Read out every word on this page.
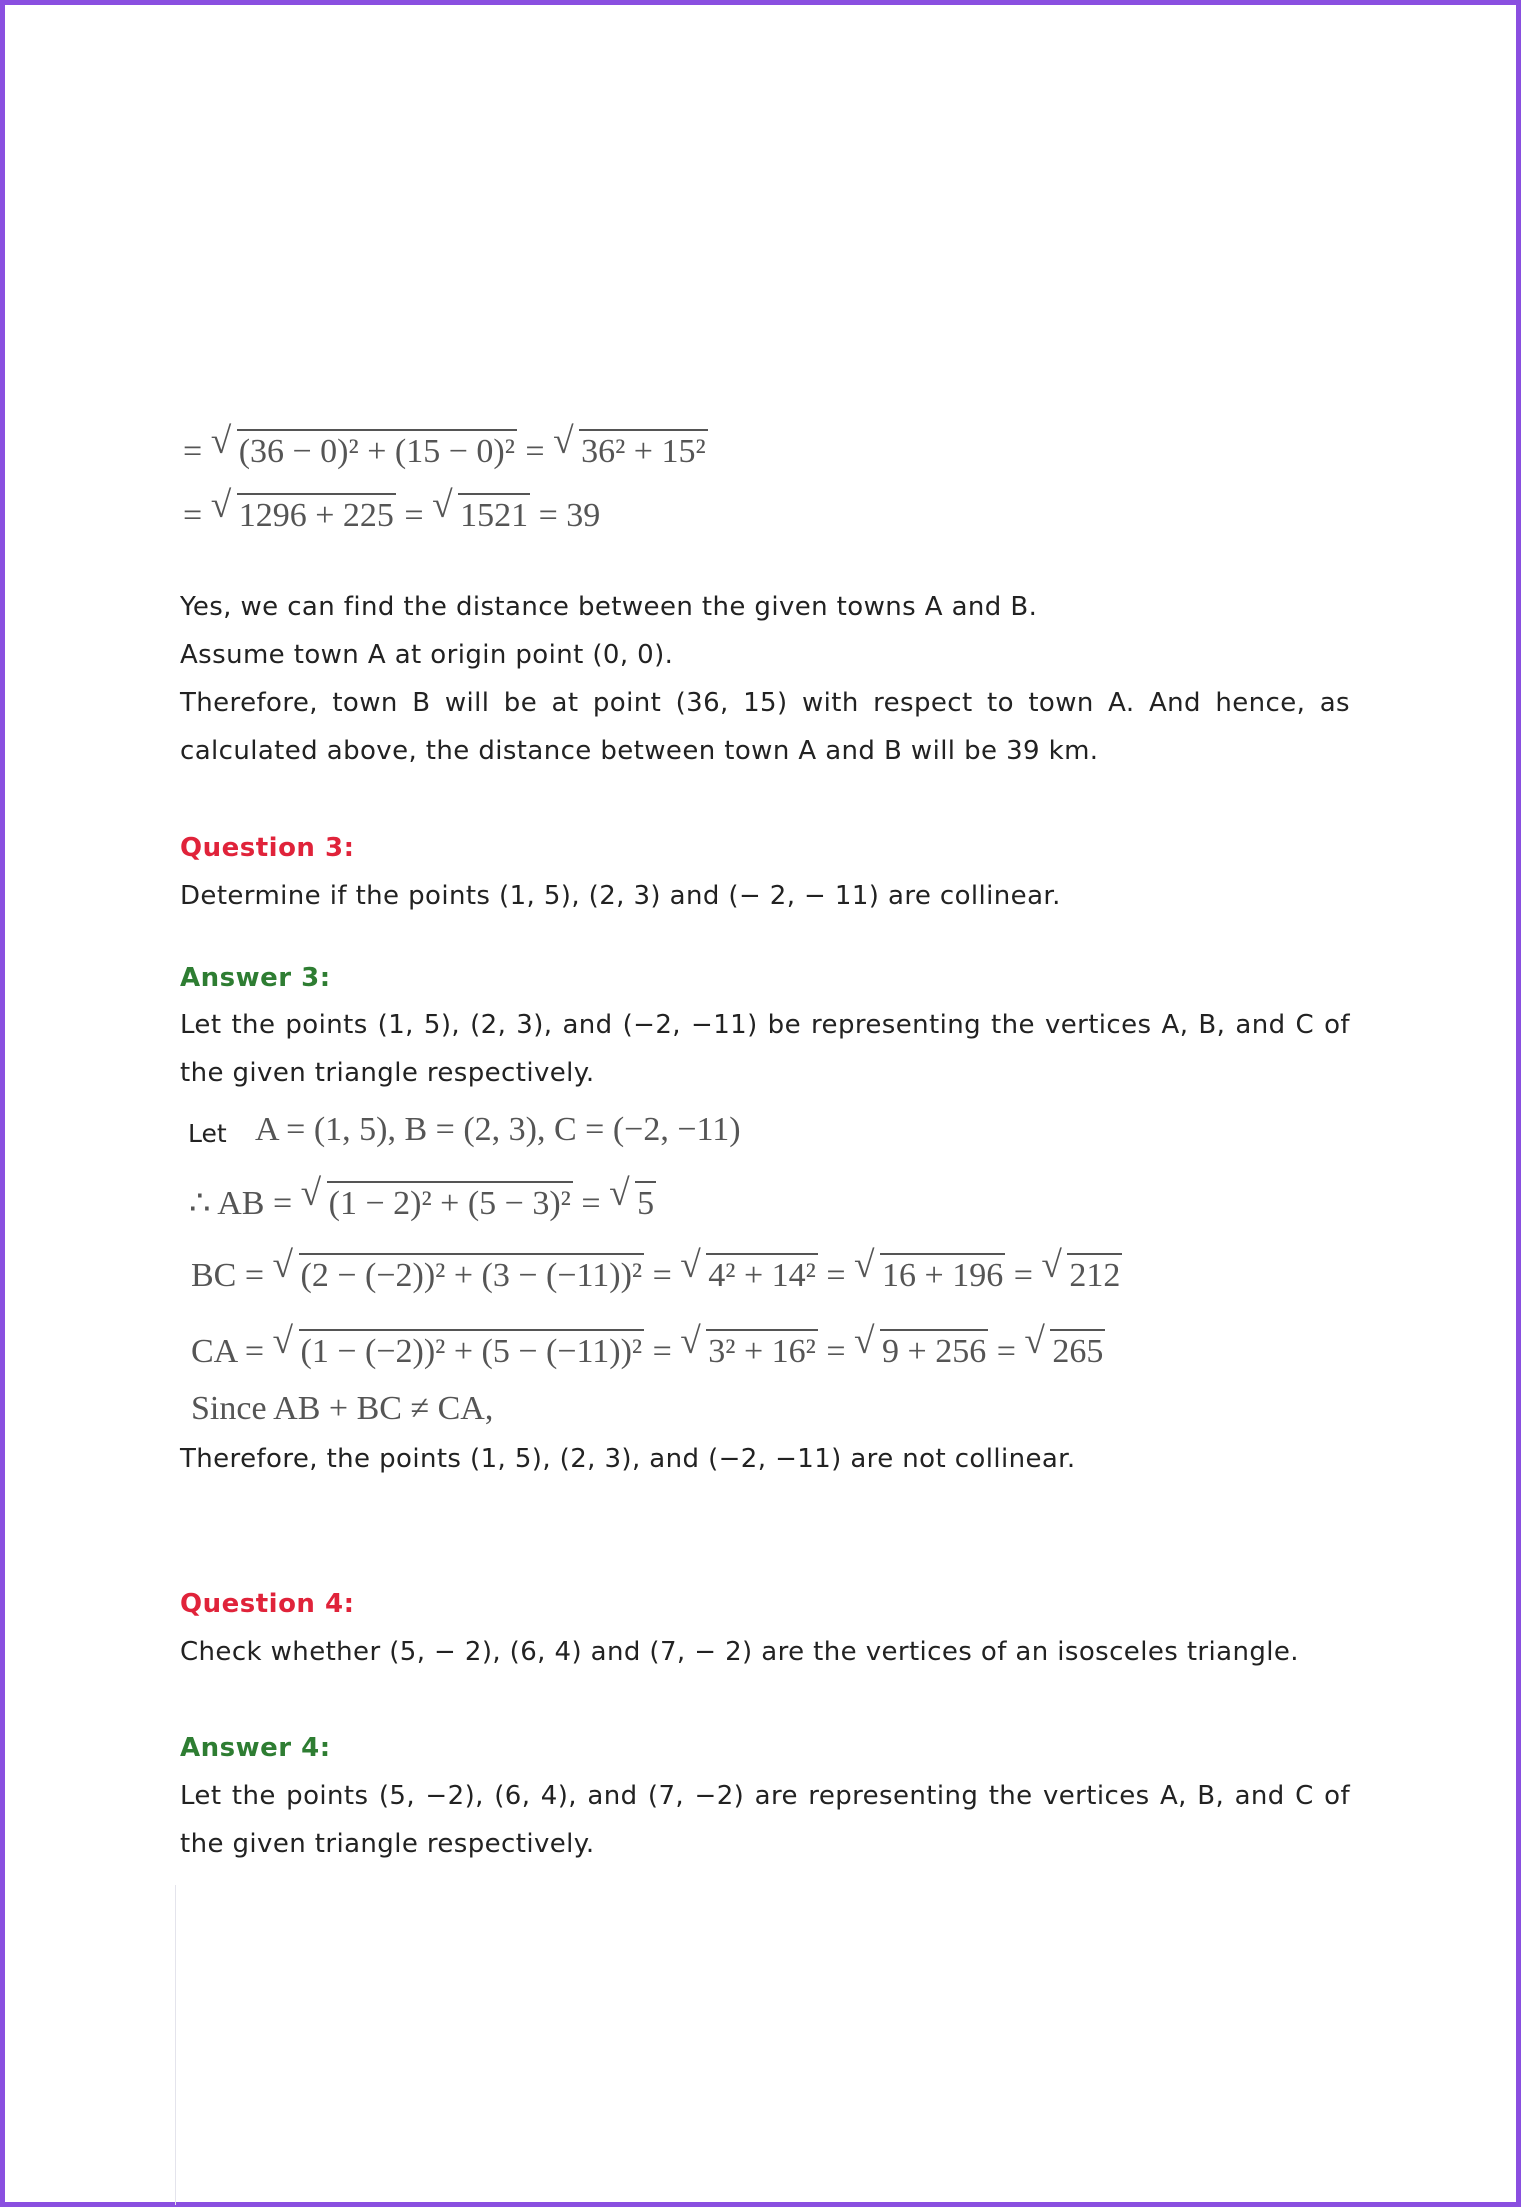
= √ (36 − 0)² + (15 − 0)² = √ 36² + 15²
= √ 1296 + 225 = √ 1521 = 39
Yes, we can find the distance between the given towns A and B.
Assume town A at origin point (0, 0).
Therefore, town B will be at point (36, 15) with respect to town A. And hence, as calculated above, the distance between town A and B will be 39 km.
Question 3:
Determine if the points (1, 5), (2, 3) and (− 2, − 11) are collinear.
Answer 3:
Let the points (1, 5), (2, 3), and (−2, −11) be representing the vertices A, B, and C of the given triangle respectively.
Let A = (1, 5), B = (2, 3), C = (−2, −11)
∴ AB = √ (1 − 2)² + (5 − 3)² = √ 5
BC = √ (2 − (−2))² + (3 − (−11))² = √ 4² + 14² = √ 16 + 196 = √ 212
CA = √ (1 − (−2))² + (5 − (−11))² = √ 3² + 16² = √ 9 + 256 = √ 265
Since AB + BC ≠ CA,
Therefore, the points (1, 5), (2, 3), and (−2, −11) are not collinear.
Question 4:
Check whether (5, − 2), (6, 4) and (7, − 2) are the vertices of an isosceles triangle.
Answer 4:
Let the points (5, −2), (6, 4), and (7, −2) are representing the vertices A, B, and C of the given triangle respectively.
